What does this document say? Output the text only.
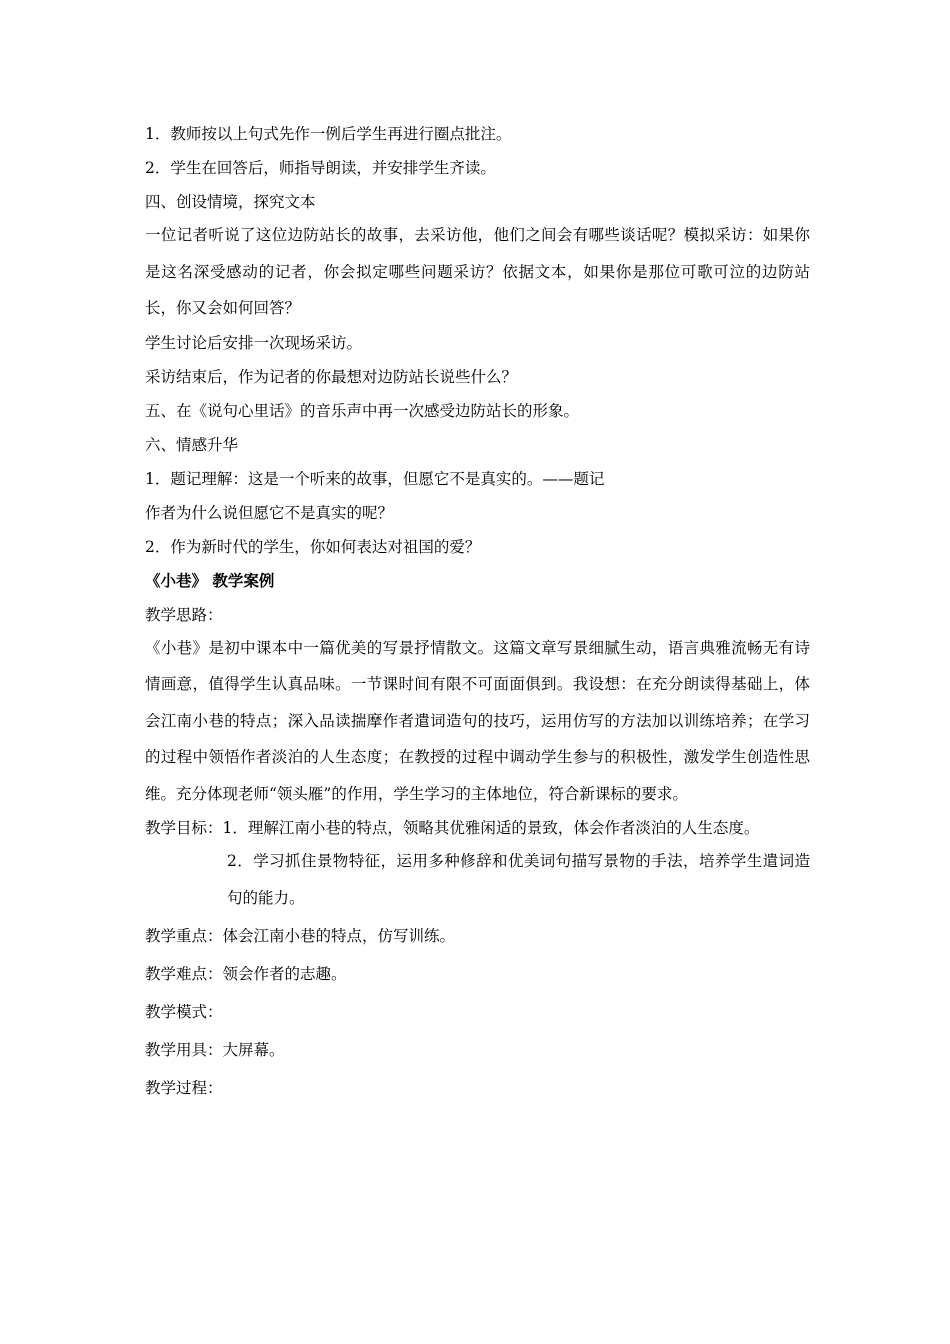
1．教师按以上句式先作一例后学生再进行圈点批注。

2．学生在回答后，师指导朗读，并安排学生齐读。

四、创设情境，探究文本

一位记者听说了这位边防站长的故事，去采访他，他们之间会有哪些谈话呢？模拟采访：如果你是这名深受感动的记者，你会拟定哪些问题采访？依据文本，如果你是那位可歌可泣的边防站长，你又会如何回答？

学生讨论后安排一次现场采访。

采访结束后，作为记者的你最想对边防站长说些什么？

五、在《说句心里话》的音乐声中再一次感受边防站长的形象。

六、情感升华

1．题记理解：这是一个听来的故事，但愿它不是真实的。——题记

作者为什么说但愿它不是真实的呢？

2．作为新时代的学生，你如何表达对祖国的爱？

《小巷》 教学案例

教学思路：

《小巷》是初中课本中一篇优美的写景抒情散文。这篇文章写景细腻生动，语言典雅流畅无有诗情画意，值得学生认真品味。一节课时间有限不可面面俱到。我设想：在充分朗读得基础上，体会江南小巷的特点；深入品读揣摩作者遣词造句的技巧，运用仿写的方法加以训练培养；在学习的过程中领悟作者淡泊的人生态度；在教授的过程中调动学生参与的积极性，激发学生创造性思维。充分体现老师“领头雁”的作用，学生学习的主体地位，符合新课标的要求。

教学目标：1．理解江南小巷的特点，领略其优雅闲适的景致，体会作者淡泊的人生态度。

2．学习抓住景物特征，运用多种修辞和优美词句描写景物的手法，培养学生遣词造句的能力。

教学重点：体会江南小巷的特点，仿写训练。

教学难点：领会作者的志趣。

教学模式：

教学用具：大屏幕。

教学过程：
